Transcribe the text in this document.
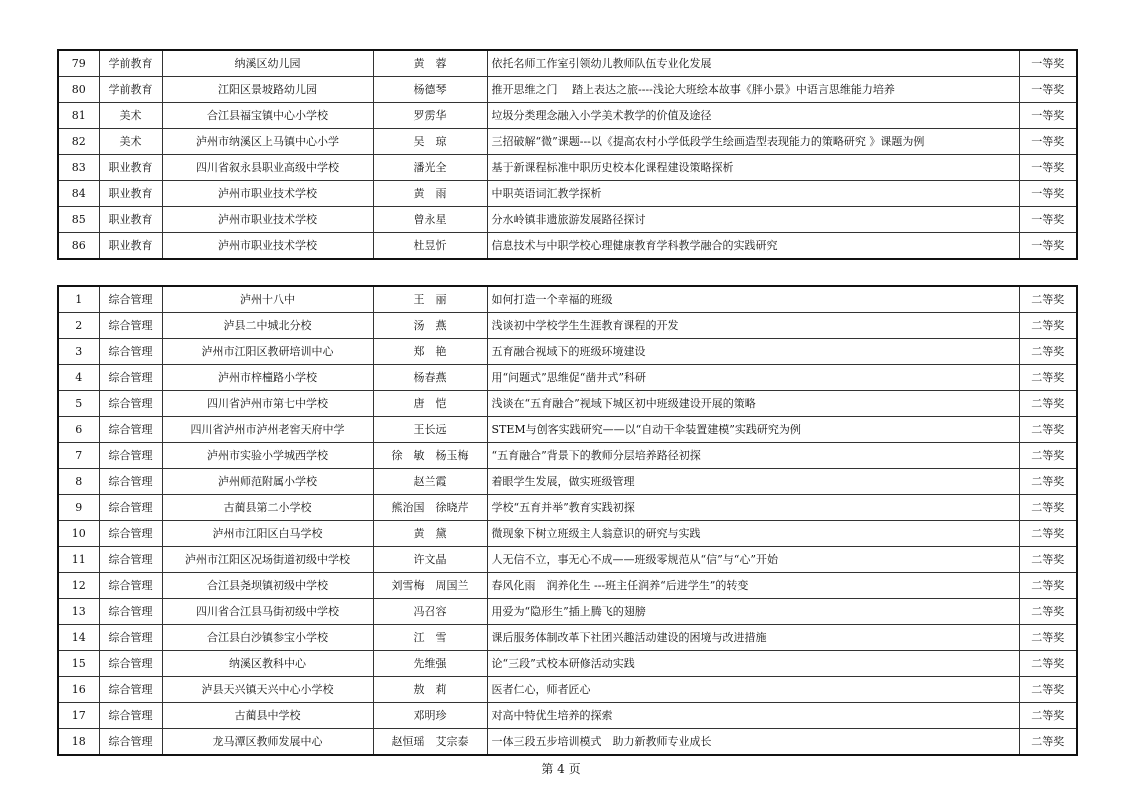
79	学前教育	纳溪区幼儿园	黄　蓉	依托名师工作室引领幼儿教师队伍专业化发展	一等奖
80	学前教育	江阳区景坡路幼儿园	杨德琴	推开思维之门　 踏上表达之旅----浅论大班绘本故事《胖小景》中语言思维能力培养	一等奖
81	美术	合江县福宝镇中心小学校	罗雳华	垃圾分类理念融入小学美术教学的价值及途径	一等奖
82	美术	泸州市纳溪区上马镇中心小学	吴　琼	三招破解“微”课题---以《提高农村小学低段学生绘画造型表现能力的策略研究 》课题为例	一等奖
83	职业教育	四川省叙永县职业高级中学校	潘光全	基于新课程标准中职历史校本化课程建设策略探析	一等奖
84	职业教育	泸州市职业技术学校	黄　雨	中职英语词汇教学探析	一等奖
85	职业教育	泸州市职业技术学校	曾永星	分水岭镇非遗旅游发展路径探讨	一等奖
86	职业教育	泸州市职业技术学校	杜昱忻	信息技术与中职学校心理健康教育学科教学融合的实践研究	一等奖
1	综合管理	泸州十八中	王　丽	如何打造一个幸福的班级	二等奖
2	综合管理	泸县二中城北分校	汤　燕	浅谈初中学校学生生涯教育课程的开发	二等奖
3	综合管理	泸州市江阳区教研培训中心	郑　艳	五育融合视域下的班级环境建设	二等奖
4	综合管理	泸州市梓橦路小学校	杨春燕	用“问题式”思维促“凿井式”科研	二等奖
5	综合管理	四川省泸州市第七中学校	唐　恺	浅谈在“五育融合”视域下城区初中班级建设开展的策略	二等奖
6	综合管理	四川省泸州市泸州老窖天府中学	王长远	STEM与创客实践研究——以“自动干伞装置建模”实践研究为例	二等奖
7	综合管理	泸州市实验小学城西学校	徐　敏　杨玉梅	“五育融合”背景下的教师分层培养路径初探	二等奖
8	综合管理	泸州师范附属小学校	赵兰霞	着眼学生发展，做实班级管理	二等奖
9	综合管理	古蔺县第二小学校	熊治国　徐晓芹	学校“五育并举”教育实践初探	二等奖
10	综合管理	泸州市江阳区白马学校	黄　黛	微现象下树立班级主人翁意识的研究与实践	二等奖
11	综合管理	泸州市江阳区况场街道初级中学校	许文晶	人无信不立，事无心不成——班级零规范从“信”与“心”开始	二等奖
12	综合管理	合江县尧坝镇初级中学校	刘雪梅　周国兰	春风化雨　润养化生 ---班主任润养“后进学生”的转变	二等奖
13	综合管理	四川省合江县马街初级中学校	冯召容	用爱为“隐形生”插上腾飞的翅膀	二等奖
14	综合管理	合江县白沙镇参宝小学校	江　雪	课后服务体制改革下社团兴趣活动建设的困境与改进措施	二等奖
15	综合管理	纳溪区教科中心	先维强	论“三段”式校本研修活动实践	二等奖
16	综合管理	泸县天兴镇天兴中心小学校	敖　莉	医者仁心，师者匠心	二等奖
17	综合管理	古蔺县中学校	邓明珍	对高中特优生培养的探索	二等奖
18	综合管理	龙马潭区教师发展中心	赵恒瑶　艾宗泰	一体三段五步培训模式　助力新教师专业成长	二等奖
第 4 页
